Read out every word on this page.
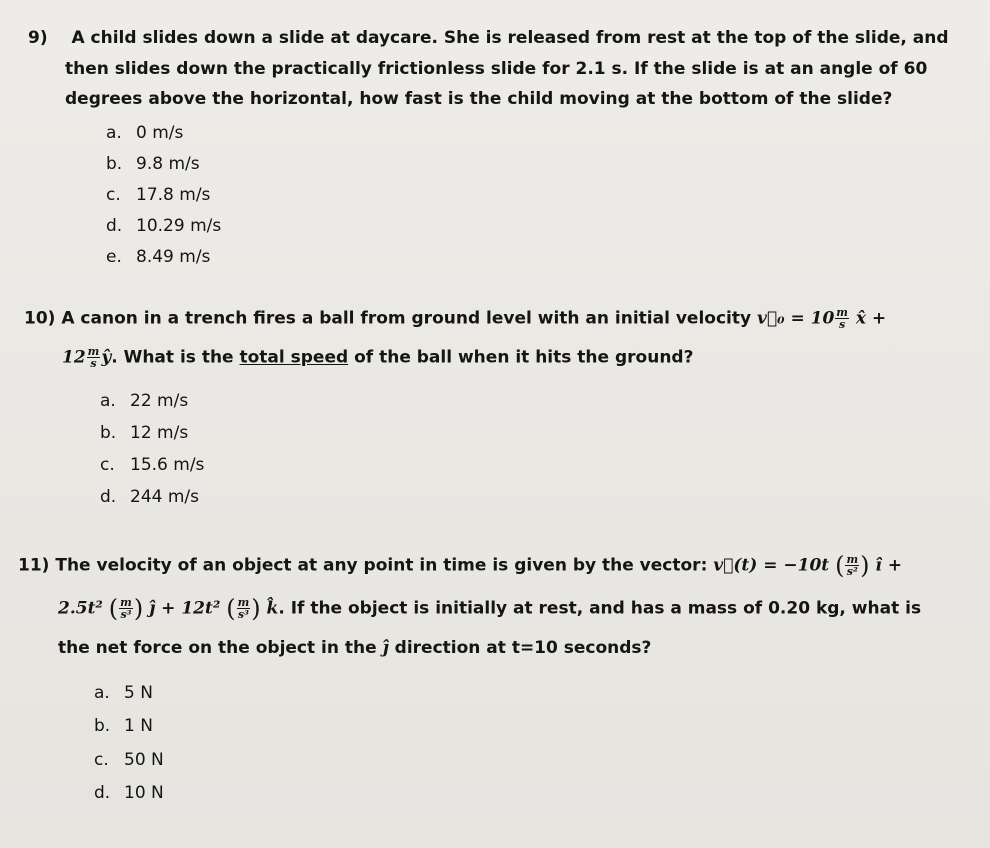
9) A child slides down a slide at daycare. She is released from rest at the top of the slide, and
then slides down the practically frictionless slide for 2.1 s. If the slide is at an angle of 60
degrees above the horizontal, how fast is the child moving at the bottom of the slide?
a. 0 m/s
b. 9.8 m/s
c. 17.8 m/s
d. 10.29 m/s
e. 8.49 m/s
10) A canon in a trench fires a ball from ground level with an initial velocity v⃗₀ = $10 \frac{m}{s}$ x̂ +
$12 \frac{m}{s}$ ŷ. What is the total speed of the ball when it hits the ground?
a. 22 m/s
b. 12 m/s
c. 15.6 m/s
d. 244 m/s
11) The velocity of an object at any point in time is given by the vector: v⃗(t) = −10t ( $\frac{m}{\text{s²}}$ ) î +
2.5t² ( $\frac{m}{\text{s³}}$ ) ĵ + 12t² ( $\frac{m}{\text{s³}}$ ) k̂. If the object is initially at rest, and has a mass of 0.20 kg, what is
the net force on the object in the ĵ direction at t=10 seconds?
a. 5 N
b. 1 N
c. 50 N
d. 10 N
